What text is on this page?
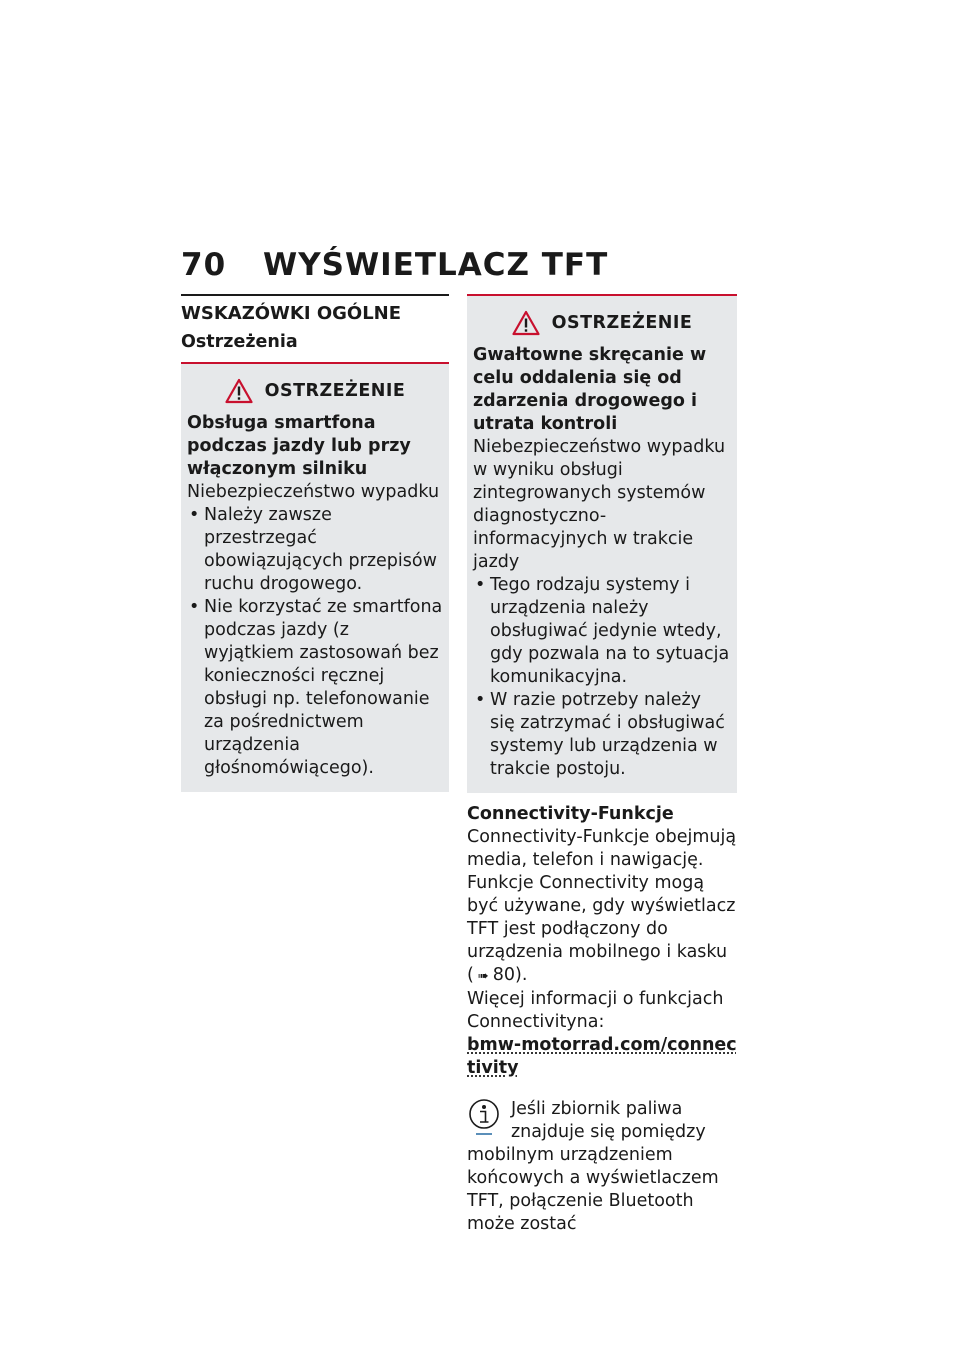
70 WYŚWIETLACZ TFT
WSKAZÓWKI OGÓLNE
Ostrzeżenia
OSTRZEŻENIE
Obsługa smartfona podczas jazdy lub przy włączonym silniku
Niebezpieczeństwo wypadku
• Należy zawsze przestrzegać obowiązujących przepisów ruchu drogowego.
• Nie korzystać ze smartfona podczas jazdy (z wyjątkiem zastosowań bez konieczności ręcznej obsługi np. telefonowanie za pośrednictwem urządzenia głośnomówiącego).
OSTRZEŻENIE
Gwałtowne skręcanie w celu oddalenia się od zdarzenia drogowego i utrata kontroli
Niebezpieczeństwo wypadku w wyniku obsługi zintegrowanych systemów diagnostyczno-informacyjnych w trakcie jazdy
• Tego rodzaju systemy i urządzenia należy obsługiwać jedynie wtedy, gdy pozwala na to sytuacja komunikacyjna.
• W razie potrzeby należy się zatrzymać i obsługiwać systemy lub urządzenia w trakcie postoju.
Connectivity-Funkcje

Connectivity-Funkcje obejmują media, telefon i nawigację.

Funkcje Connectivity mogą być używane, gdy wyświetlacz TFT jest podłączony do urządzenia mobilnego i kasku ( ➠ 80).

Więcej informacji o funkcjach Connectivityna:

bmw-motorrad.com/connectivity
Jeśli zbiornik paliwa znajduje się pomiędzy mobilnym urządzeniem końcowych a wyświetlaczem TFT, połączenie Bluetooth może zostać
